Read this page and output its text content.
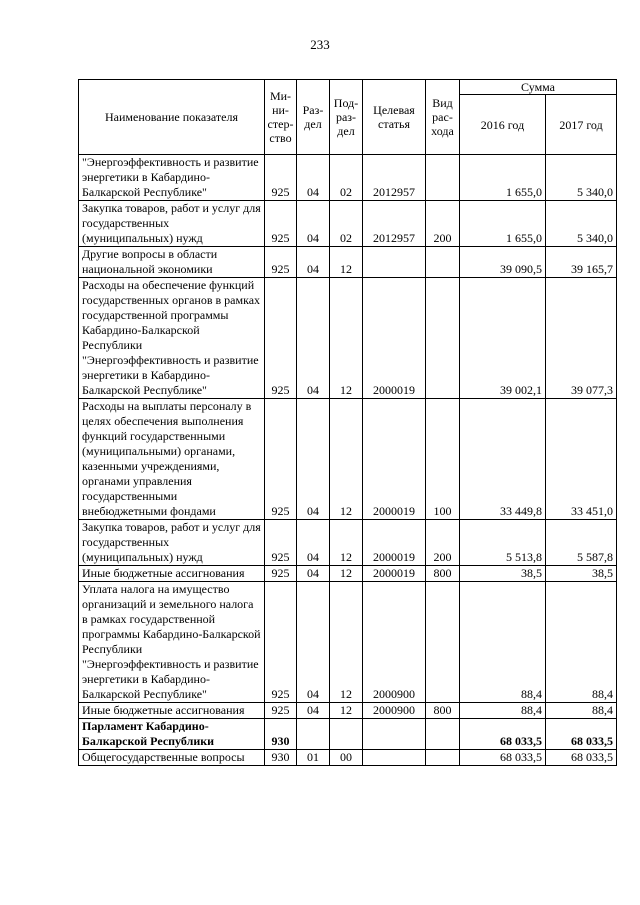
233
Наименование показателя	Ми-ни-стер-ство	Раз-дел	Под-раз-дел	Целевая статья	Вид рас-хода	Сумма	
						2016 год	2017 год
"Энергоэффективность и развитие энергетики в Кабардино-Балкарской Республике"	925	04	02	2012957		1 655,0	5 340,0
Закупка товаров, работ и услуг для государственных (муниципальных) нужд	925	04	02	2012957	200	1 655,0	5 340,0
Другие вопросы в области национальной экономики	925	04	12			39 090,5	39 165,7
Расходы на обеспечение функций государственных органов в рамках государственной программы Кабардино-Балкарской Республики "Энергоэффективность и развитие энергетики в Кабардино-Балкарской Республике"	925	04	12	2000019		39 002,1	39 077,3
Расходы на выплаты персоналу в целях обеспечения выполнения функций государственными (муниципальными) органами, казенными учреждениями, органами управления государственными внебюджетными фондами	925	04	12	2000019	100	33 449,8	33 451,0
Закупка товаров, работ и услуг для государственных (муниципальных) нужд	925	04	12	2000019	200	5 513,8	5 587,8
Иные бюджетные ассигнования	925	04	12	2000019	800	38,5	38,5
Уплата налога на имущество организаций и земельного налога в рамках государственной программы Кабардино-Балкарской Республики "Энергоэффективность и развитие энергетики в Кабардино-Балкарской Республике"	925	04	12	2000900		88,4	88,4
Иные бюджетные ассигнования	925	04	12	2000900	800	88,4	88,4
Парламент Кабардино-Балкарской Республики	930					68 033,5	68 033,5
Общегосударственные вопросы	930	01	00			68 033,5	68 033,5
